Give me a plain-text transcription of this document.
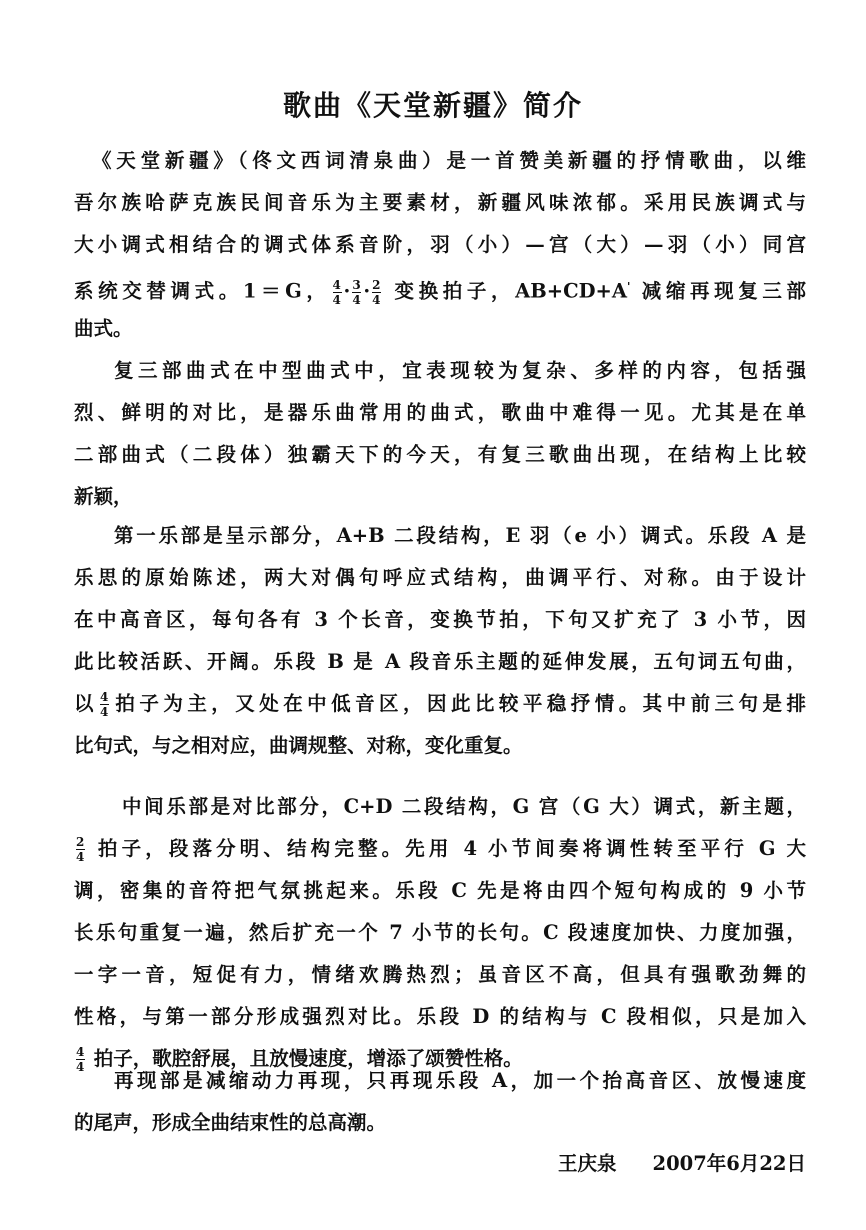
歌曲《天堂新疆》简介
《天堂新疆》（佟文西词清泉曲）是一首赞美新疆的抒情歌曲，以维
吾尔族哈萨克族民间音乐为主要素材，新疆风味浓郁。采用民族调式与
大小调式相结合的调式体系音阶，羽（小）—宫（大）—羽（小）同宫
系统交替调式。1＝G， $\frac{4}{4} \cdot \frac{3}{4} \cdot \frac{2}{4}$ 变换拍子，AB+CD+A' 减缩再现复三部
曲式。
复三部曲式在中型曲式中，宜表现较为复杂、多样的内容，包括强
烈、鲜明的对比，是器乐曲常用的曲式，歌曲中难得一见。尤其是在单
二部曲式（二段体）独霸天下的今天，有复三歌曲出现，在结构上比较
新颖，
第一乐部是呈示部分，A+B 二段结构，E 羽（e 小）调式。乐段 A 是
乐思的原始陈述，两大对偶句呼应式结构，曲调平行、对称。由于设计
在中高音区，每句各有 3 个长音，变换节拍，下句又扩充了 3 小节，因
此比较活跃、开阔。乐段 B 是 A 段音乐主题的延伸发展，五句词五句曲，
以 $\frac{4}{4}$ 拍子为主，又处在中低音区，因此比较平稳抒情。其中前三句是排
比句式，与之相对应，曲调规整、对称，变化重复。
中间乐部是对比部分，C+D 二段结构，G 宫（G 大）调式，新主题，
$\frac{2}{4}$ 拍子，段落分明、结构完整。先用 4 小节间奏将调性转至平行 G 大
调，密集的音符把气氛挑起来。乐段 C 先是将由四个短句构成的 9 小节
长乐句重复一遍，然后扩充一个 7 小节的长句。C 段速度加快、力度加强，
一字一音，短促有力，情绪欢腾热烈；虽音区不高，但具有强歌劲舞的
性格，与第一部分形成强烈对比。乐段 D 的结构与 C 段相似，只是加入
$\frac{4}{4}$ 拍子，歌腔舒展，且放慢速度，增添了颂赞性格。
再现部是减缩动力再现，只再现乐段 A，加一个抬高音区、放慢速度
的尾声，形成全曲结束性的总高潮。
王庆泉 2007年6月22日
